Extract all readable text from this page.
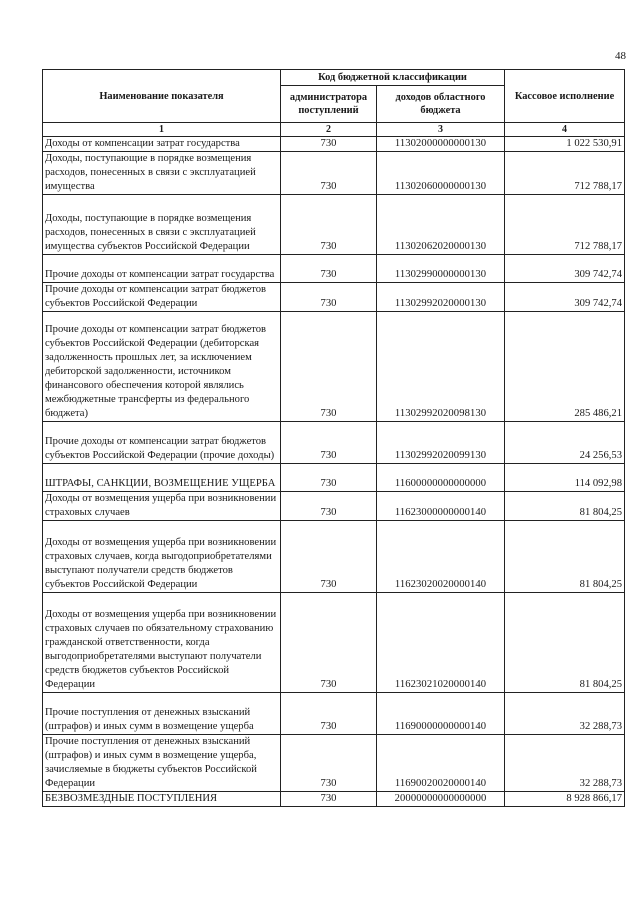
48
Наименование показателя	Код бюджетной классификации		Кассовое исполнение
	администратора поступлений	доходов областного бюджета	
1	2	3	4
Доходы от компенсации затрат государства	730	11302000000000130	1 022 530,91
Доходы, поступающие в порядке возмещения расходов, понесенных в связи с эксплуатацией имущества	730	11302060000000130	712 788,17
Доходы, поступающие в порядке возмещения расходов, понесенных в связи с эксплуатацией имущества субъектов Российской Федерации	730	11302062020000130	712 788,17
Прочие доходы от компенсации затрат государства	730	11302990000000130	309 742,74
Прочие доходы от компенсации затрат бюджетов субъектов Российской Федерации	730	11302992020000130	309 742,74
Прочие доходы от компенсации затрат бюджетов субъектов Российской Федерации (дебиторская задолженность прошлых лет, за исключением дебиторской задолженности, источником финансового обеспечения которой являлись межбюджетные трансферты из федерального бюджета)	730	11302992020098130	285 486,21
Прочие доходы от компенсации затрат бюджетов субъектов Российской Федерации (прочие доходы)	730	11302992020099130	24 256,53
ШТРАФЫ, САНКЦИИ, ВОЗМЕЩЕНИЕ УЩЕРБА	730	11600000000000000	114 092,98
Доходы от возмещения ущерба при возникновении страховых случаев	730	11623000000000140	81 804,25
Доходы от возмещения ущерба при возникновении страховых случаев, когда выгодоприобретателями выступают получатели средств бюджетов субъектов Российской Федерации	730	11623020020000140	81 804,25
Доходы от возмещения ущерба при возникновении страховых случаев по обязательному страхованию гражданской ответственности, когда выгодоприобретателями выступают получатели средств бюджетов субъектов Российской Федерации	730	11623021020000140	81 804,25
Прочие поступления от денежных взысканий (штрафов) и иных сумм в возмещение ущерба	730	11690000000000140	32 288,73
Прочие поступления от денежных взысканий (штрафов) и иных сумм в возмещение ущерба, зачисляемые в бюджеты субъектов Российской Федерации	730	11690020020000140	32 288,73
БЕЗВОЗМЕЗДНЫЕ ПОСТУПЛЕНИЯ	730	20000000000000000	8 928 866,17
